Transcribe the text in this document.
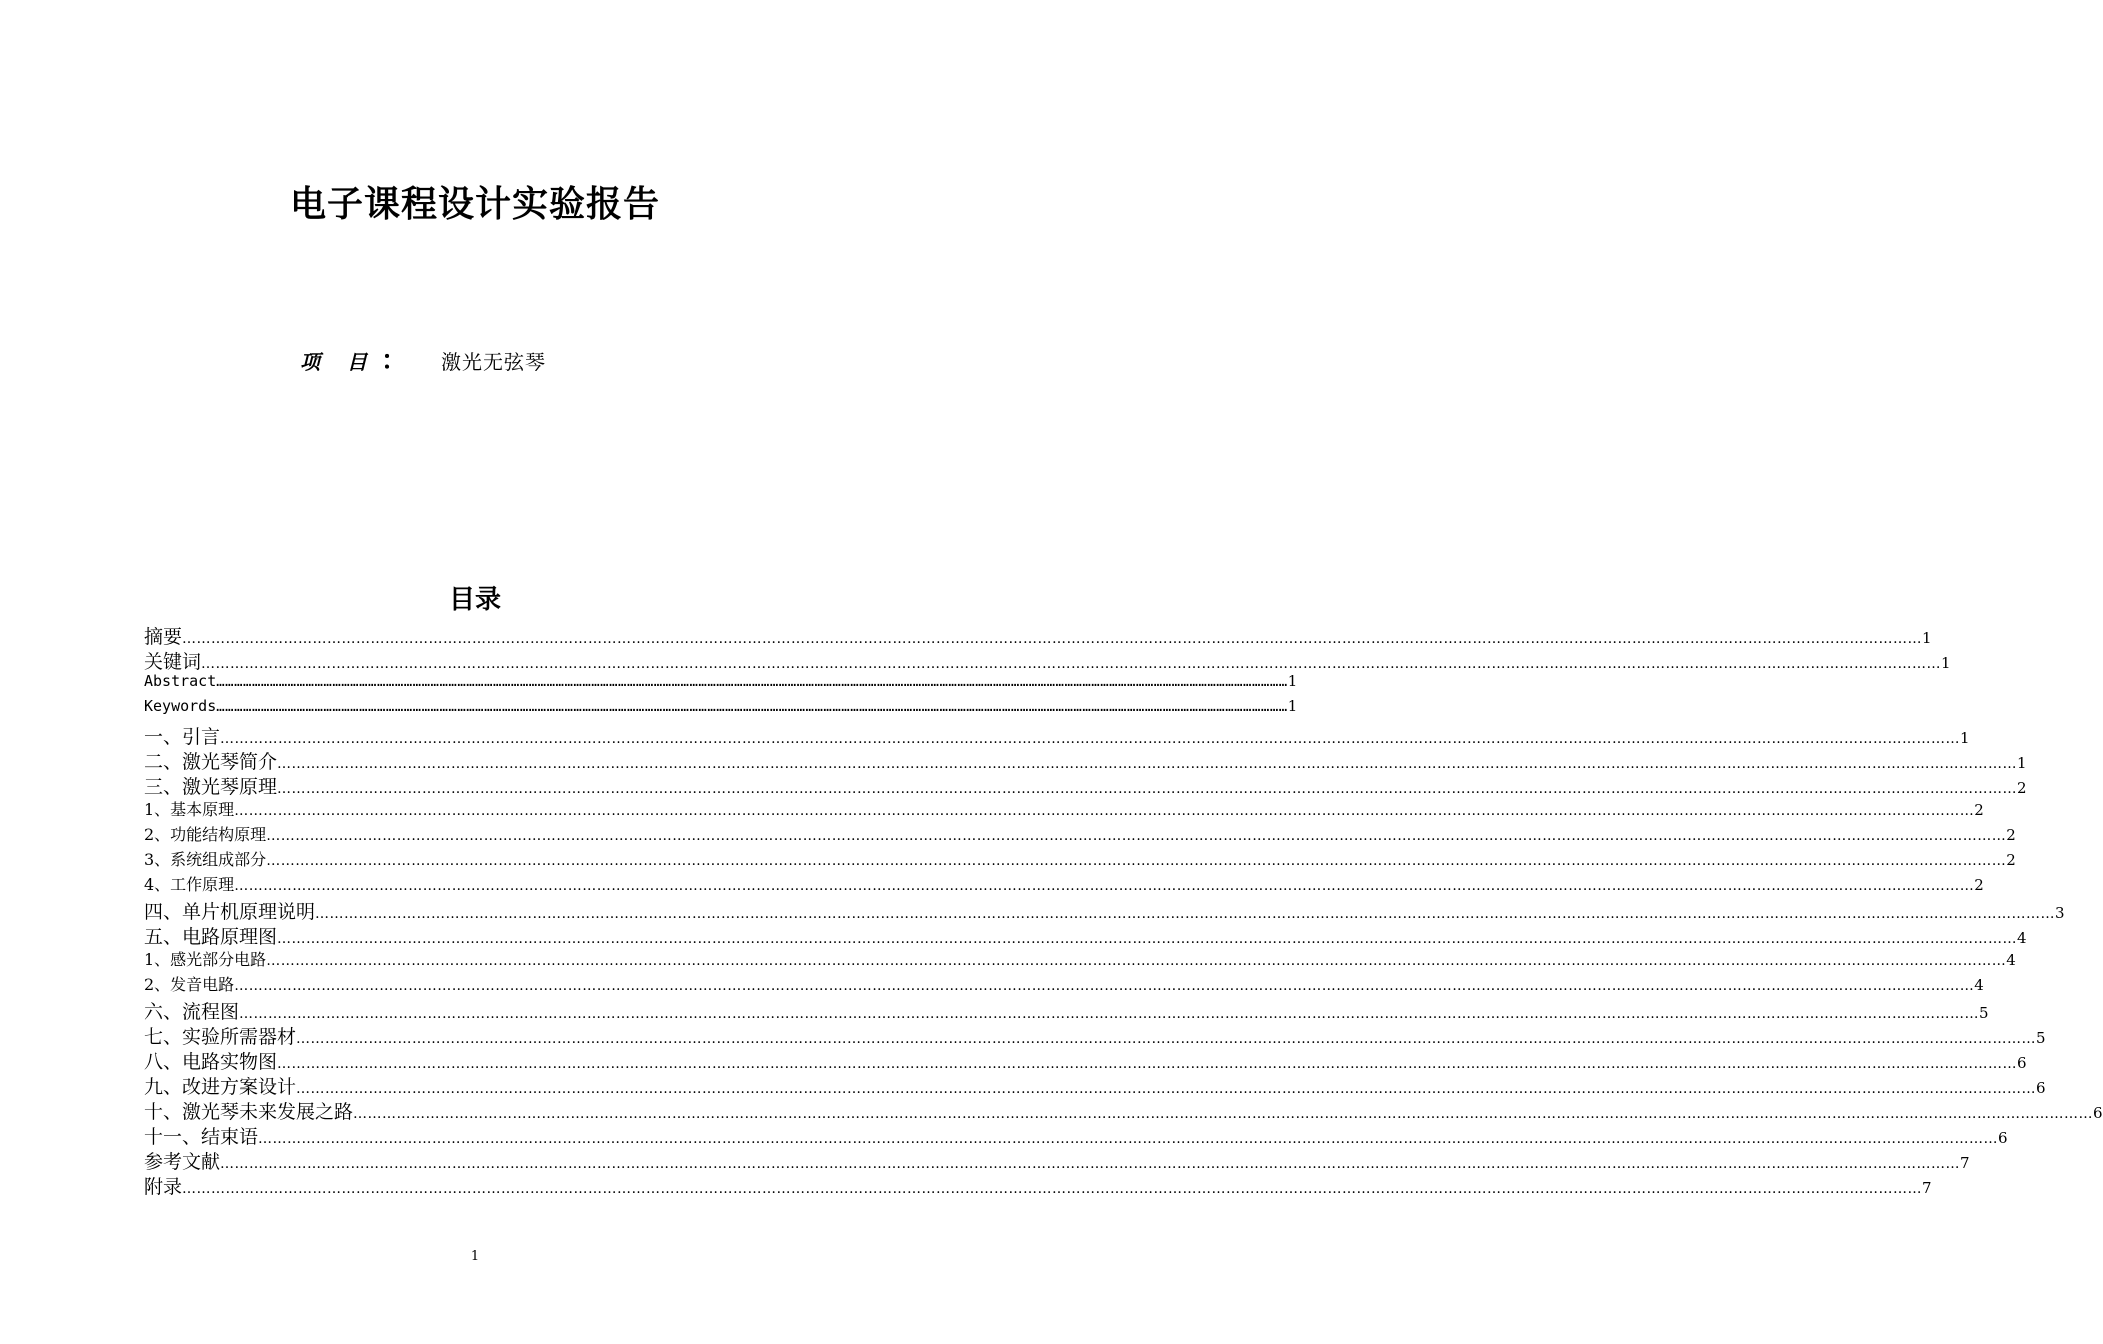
电子课程设计实验报告
项 目 ： 激光无弦琴
目录
摘要 ……………………………………………………………………………………………………………………………………………………………………………………………………………………………………………………………………………………………………………………………… 1
关键词 ……………………………………………………………………………………………………………………………………………………………………………………………………………………………………………………………………………………………………………………………… 1
Abstract ……………………………………………………………………………………………………………………………………………………………………………………………………………………………………………………………………………………………………………………………… 1
Keywords ……………………………………………………………………………………………………………………………………………………………………………………………………………………………………………………………………………………………………………………………… 1
一、引言 ……………………………………………………………………………………………………………………………………………………………………………………………………………………………………………………………………………………………………………………………… 1
二、激光琴简介 ……………………………………………………………………………………………………………………………………………………………………………………………………………………………………………………………………………………………………………………………… 1
三、激光琴原理 ……………………………………………………………………………………………………………………………………………………………………………………………………………………………………………………………………………………………………………………………… 2
1、基本原理 ……………………………………………………………………………………………………………………………………………………………………………………………………………………………………………………………………………………………………………………………… 2
2、功能结构原理 ……………………………………………………………………………………………………………………………………………………………………………………………………………………………………………………………………………………………………………………………… 2
3、系统组成部分 ……………………………………………………………………………………………………………………………………………………………………………………………………………………………………………………………………………………………………………………………… 2
4、工作原理 ……………………………………………………………………………………………………………………………………………………………………………………………………………………………………………………………………………………………………………………………… 2
四、单片机原理说明 ……………………………………………………………………………………………………………………………………………………………………………………………………………………………………………………………………………………………………………………………… 3
五、电路原理图 ……………………………………………………………………………………………………………………………………………………………………………………………………………………………………………………………………………………………………………………………… 4
1、感光部分电路 ……………………………………………………………………………………………………………………………………………………………………………………………………………………………………………………………………………………………………………………………… 4
2、发音电路 ……………………………………………………………………………………………………………………………………………………………………………………………………………………………………………………………………………………………………………………………… 4
六、流程图 ……………………………………………………………………………………………………………………………………………………………………………………………………………………………………………………………………………………………………………………………… 5
七、实验所需器材 ……………………………………………………………………………………………………………………………………………………………………………………………………………………………………………………………………………………………………………………………… 5
八、电路实物图 ……………………………………………………………………………………………………………………………………………………………………………………………………………………………………………………………………………………………………………………………… 6
九、改进方案设计 ……………………………………………………………………………………………………………………………………………………………………………………………………………………………………………………………………………………………………………………………… 6
十、激光琴未来发展之路 ……………………………………………………………………………………………………………………………………………………………………………………………………………………………………………………………………………………………………………………………… 6
十一、结束语 ……………………………………………………………………………………………………………………………………………………………………………………………………………………………………………………………………………………………………………………………… 6
参考文献 ……………………………………………………………………………………………………………………………………………………………………………………………………………………………………………………………………………………………………………………………… 7
附录 ……………………………………………………………………………………………………………………………………………………………………………………………………………………………………………………………………………………………………………………………… 7
1
